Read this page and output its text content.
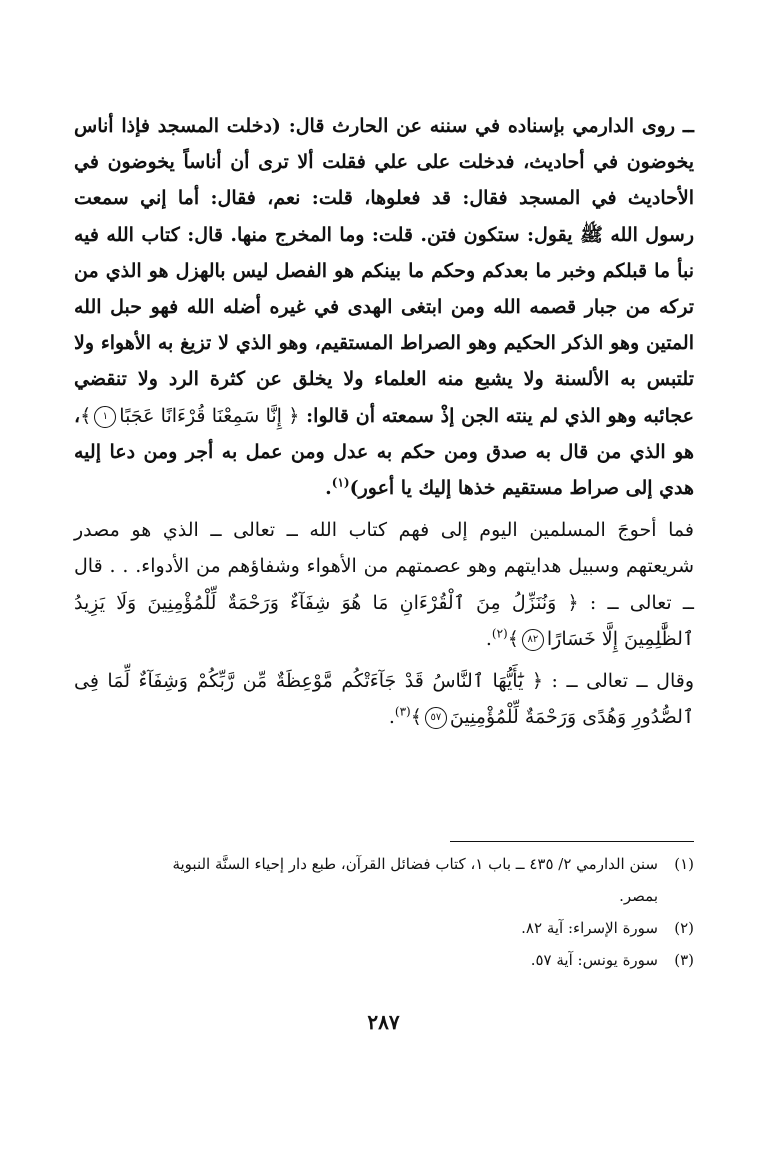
ــ روى الدارمي بإسناده في سننه عن الحارث قال: (دخلت المسجد فإذا أناس يخوضون في أحاديث، فدخلت على علي فقلت ألا ترى أن أناساً يخوضون في الأحاديث في المسجد فقال: قد فعلوها، قلت: نعم، فقال: أما إني سمعت رسول الله ﷺ يقول: ستكون فتن. قلت: وما المخرج منها. قال: كتاب الله فيه نبأ ما قبلكم وخبر ما بعدكم وحكم ما بينكم هو الفصل ليس بالهزل هو الذي من تركه من جبار قصمه الله ومن ابتغى الهدى في غيره أضله الله فهو حبل الله المتين وهو الذكر الحكيم وهو الصراط المستقيم، وهو الذي لا تزيغ به الأهواء ولا تلتبس به الألسنة ولا يشبع منه العلماء ولا يخلق عن كثرة الرد ولا تنقضي عجائبه وهو الذي لم ينته الجن إذْ سمعته أن قالوا: ﴿ إِنَّا سَمِعْنَا قُرْءَانًا عَجَبًا١﴾، هو الذي من قال به صدق ومن حكم به عدل ومن عمل به أجر ومن دعا إليه هدي إلى صراط مستقيم خذها إليك يا أعور)$^{(١)}$.

فما أحوجَ المسلمين اليوم إلى فهم كتاب الله ــ تعالى ــ الذي هو مصدر شريعتهم وسبيل هدايتهم وهو عصمتهم من الأهواء وشفاؤهم من الأدواء. . . قال ــ تعالى ــ : ﴿ وَنُنَزِّلُ مِنَ ٱلْقُرْءَانِ مَا هُوَ شِفَآءٌ وَرَحْمَةٌ لِّلْمُؤْمِنِينَ وَلَا يَزِيدُ ٱلظَّٰلِمِينَ إِلَّا خَسَارًا٨٢﴾$^{(٢)}$.

وقال ــ تعالى ــ : ﴿ يَٰٓأَيُّهَا ٱلنَّاسُ قَدْ جَآءَتْكُم مَّوْعِظَةٌ مِّن رَّبِّكُمْ وَشِفَآءٌ لِّمَا فِى ٱلصُّدُورِ وَهُدًى وَرَحْمَةٌ لِّلْمُؤْمِنِينَ٥٧﴾$^{(٣)}$.

(١)سنن الدارمي ٢/ ٤٣٥ ــ باب ١، كتاب فضائل القرآن، طبع دار إحياء السنَّة النبوية

بمصر.

(٢)سورة الإسراء: آية ٨٢.

(٣)سورة يونس: آية ٥٧.

٢٨٧
